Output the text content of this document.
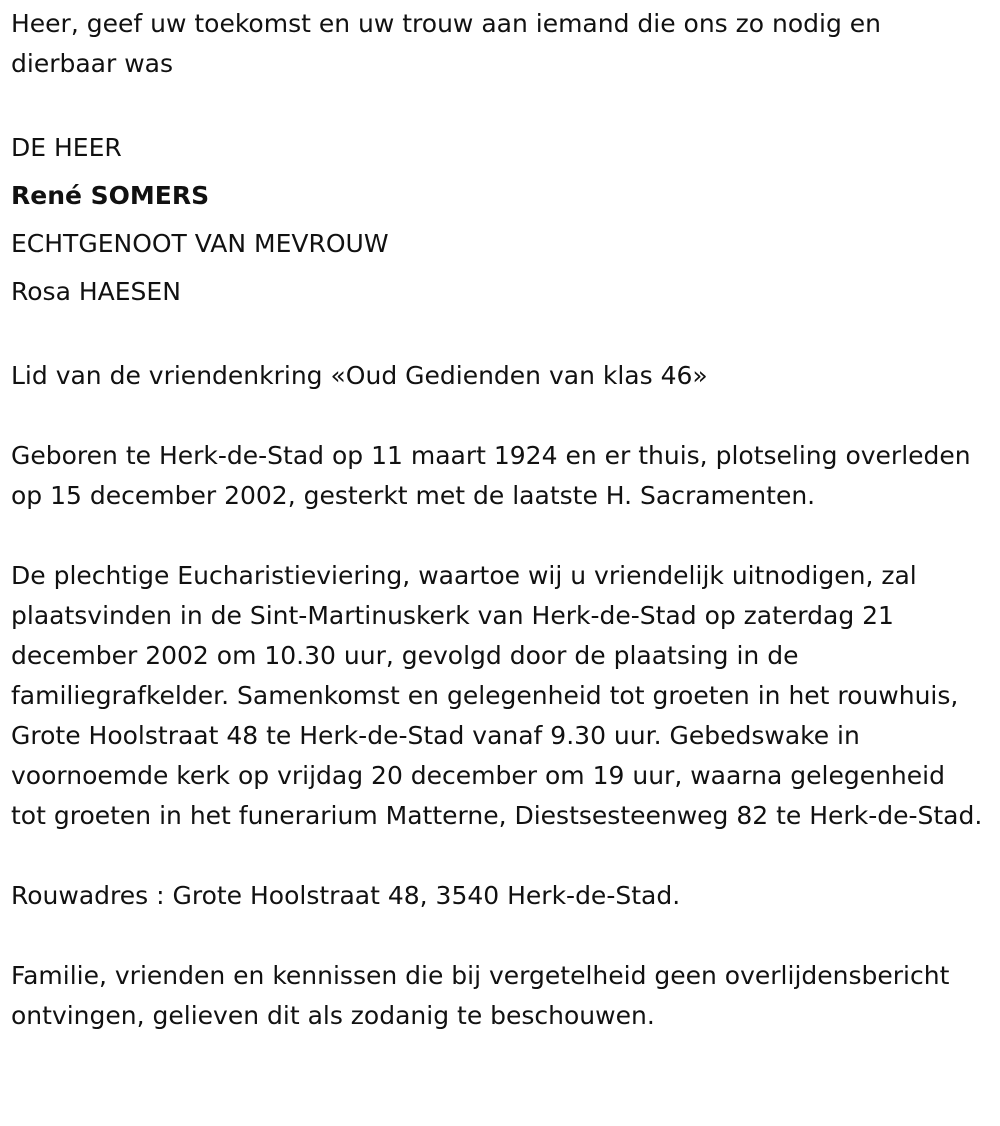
Heer, geef uw toekomst en uw trouw aan iemand die ons zo nodig en dierbaar was

DE HEER

René SOMERS

ECHTGENOOT VAN MEVROUW

Rosa HAESEN

Lid van de vriendenkring «Oud Gedienden van klas 46»

Geboren te Herk-de-Stad op 11 maart 1924 en er thuis, plotseling overleden op 15 december 2002, gesterkt met de laatste H. Sacramenten.

De plechtige Eucharistieviering, waartoe wij u vriendelijk uitnodigen, zal plaatsvinden in de Sint-Martinuskerk van Herk-de-Stad op zaterdag 21 december 2002 om 10.30 uur, gevolgd door de plaatsing in de familiegrafkelder. Samenkomst en gelegenheid tot groeten in het rouwhuis, Grote Hoolstraat 48 te Herk-de-Stad vanaf 9.30 uur. Gebedswake in voornoemde kerk op vrijdag 20 december om 19 uur, waarna gelegenheid tot groeten in het funerarium Matterne, Diestsesteenweg 82 te Herk-de-Stad.

Rouwadres : Grote Hoolstraat 48, 3540 Herk-de-Stad.

Familie, vrienden en kennissen die bij vergetelheid geen overlijdensbericht ontvingen, gelieven dit als zodanig te beschouwen.
